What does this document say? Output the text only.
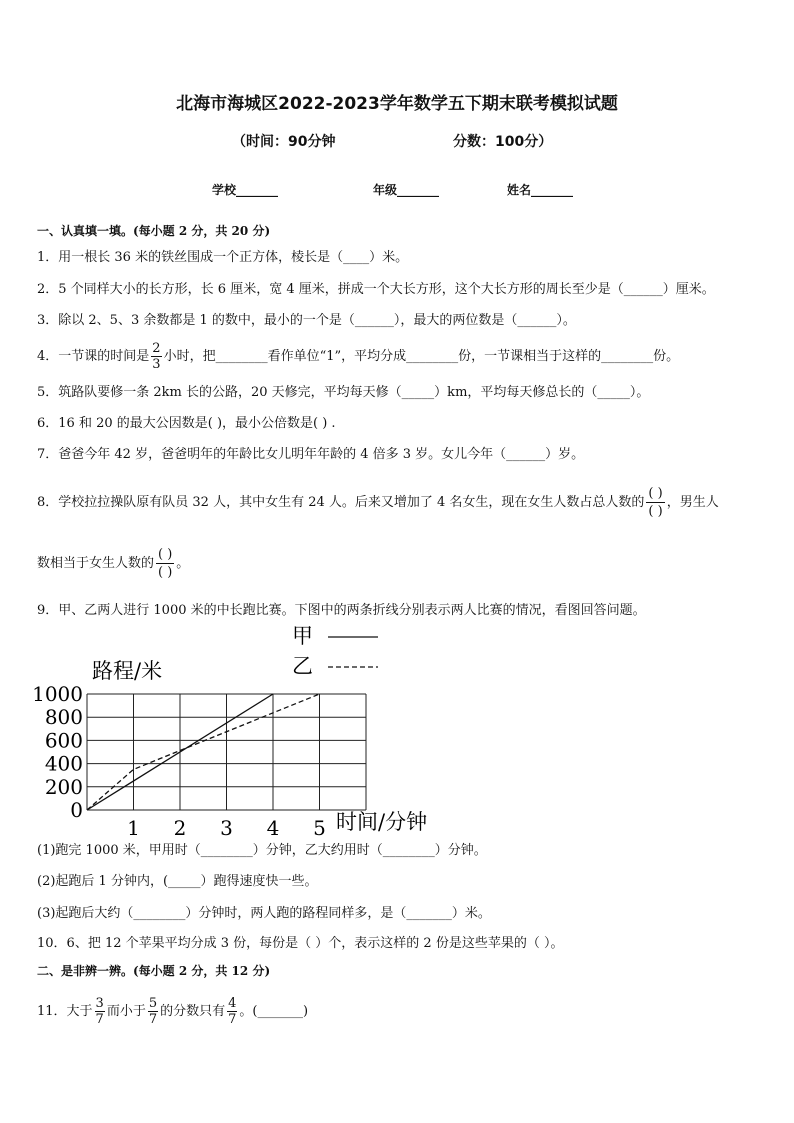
北海市海城区2022-2023学年数学五下期末联考模拟试题
（时间：90分钟	分数：100分）
学校_______	年级_______	姓名_______
一、认真填一填。(每小题 2 分，共 20 分)
1．用一根长 36 米的铁丝围成一个正方体，棱长是（____）米。
2．5 个同样大小的长方形，长 6 厘米，宽 4 厘米，拼成一个大长方形，这个大长方形的周长至少是（______）厘米。
3．除以 2、5、3 余数都是 1 的数中，最小的一个是（______），最大的两位数是（______）。
4．一节课的时间是 $\frac{2}{3}$ 小时，把________看作单位“1”，平均分成________份，一节课相当于这样的________份。
5．筑路队要修一条 2km 长的公路，20 天修完，平均每天修（_____）km，平均每天修总长的（_____）。
6．16 和 20 的最大公因数是( )，最小公倍数是( ) .
7．爸爸今年 42 岁，爸爸明年的年龄比女儿明年年龄的 4 倍多 3 岁。女儿今年（______）岁。
8．学校拉拉操队原有队员 32 人，其中女生有 24 人。后来又增加了 4 名女生，现在女生人数占总人数的
( )
( )
，男生人
数相当于女生人数的
( )
( )
。
9．甲、乙两人进行 1000 米的中长跑比赛。下图中的两条折线分别表示两人比赛的情况，看图回答问题。
0
200
400
600
800
1000
1 2 3 4 5
路程/米
时间/分钟
甲
乙
(1)跑完 1000 米，甲用时（________）分钟，乙大约用时（________）分钟。
(2)起跑后 1 分钟内，(_____）跑得速度快一些。
(3)起跑后大约（________）分钟时，两人跑的路程同样多，是（_______）米。
10．6、把 12 个苹果平均分成 3 份，每份是（ ）个，表示这样的 2 份是这些苹果的（ ）。
二、是非辨一辨。(每小题 2 分，共 12 分)
11．大于 $\frac{3}{7}$ 而小于 $\frac{5}{7}$ 的分数只有 $\frac{4}{7}$ 。(_______)
